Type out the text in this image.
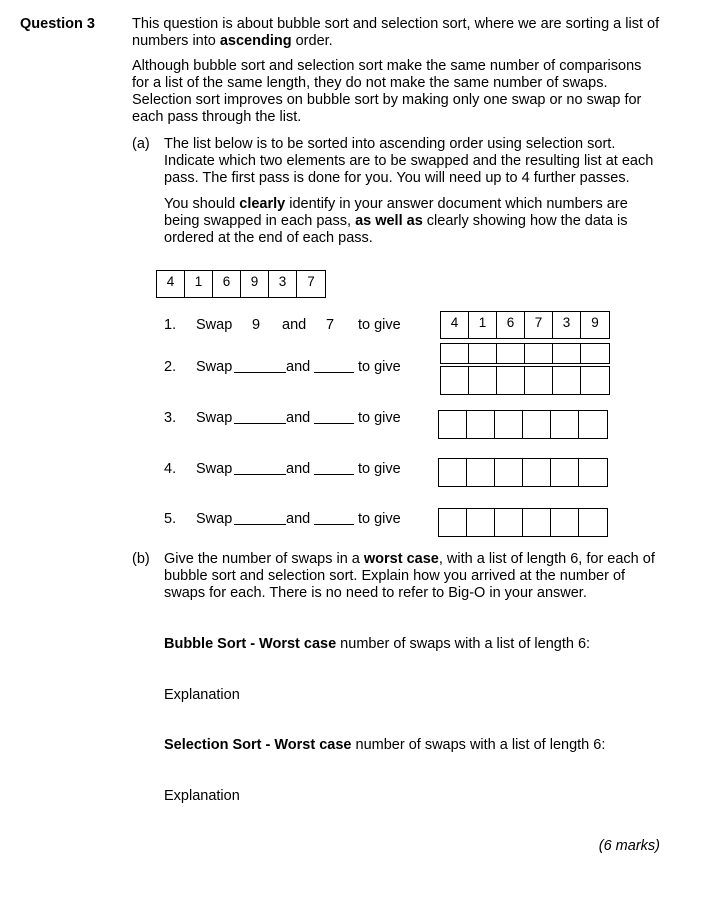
Question 3	This question is about bubble sort and selection sort, where we are sorting a list of numbers into ascending order.
Although bubble sort and selection sort make the same number of comparisons for a list of the same length, they do not make the same number of swaps. Selection sort improves on bubble sort by making only one swap or no swap for each pass through the list.
(a) The list below is to be sorted into ascending order using selection sort. Indicate which two elements are to be swapped and the resulting list at each pass. The first pass is done for you. You will need up to 4 further passes.
You should clearly identify in your answer document which numbers are being swapped in each pass, as well as clearly showing how the data is ordered at the end of each pass.
4	1	6	9	3	7
1. Swap 9 and 7 to give	4	1	6	7	3	9
2. Swap	and	to give
3. Swap	and	to give
4. Swap	and	to give
5. Swap	and	to give
(b) Give the number of swaps in a worst case, with a list of length 6, for each of bubble sort and selection sort. Explain how you arrived at the number of swaps for each. There is no need to refer to Big-O in your answer.
Bubble Sort - Worst case number of swaps with a list of length 6:
Explanation
Selection Sort - Worst case number of swaps with a list of length 6:
Explanation
(6 marks)
